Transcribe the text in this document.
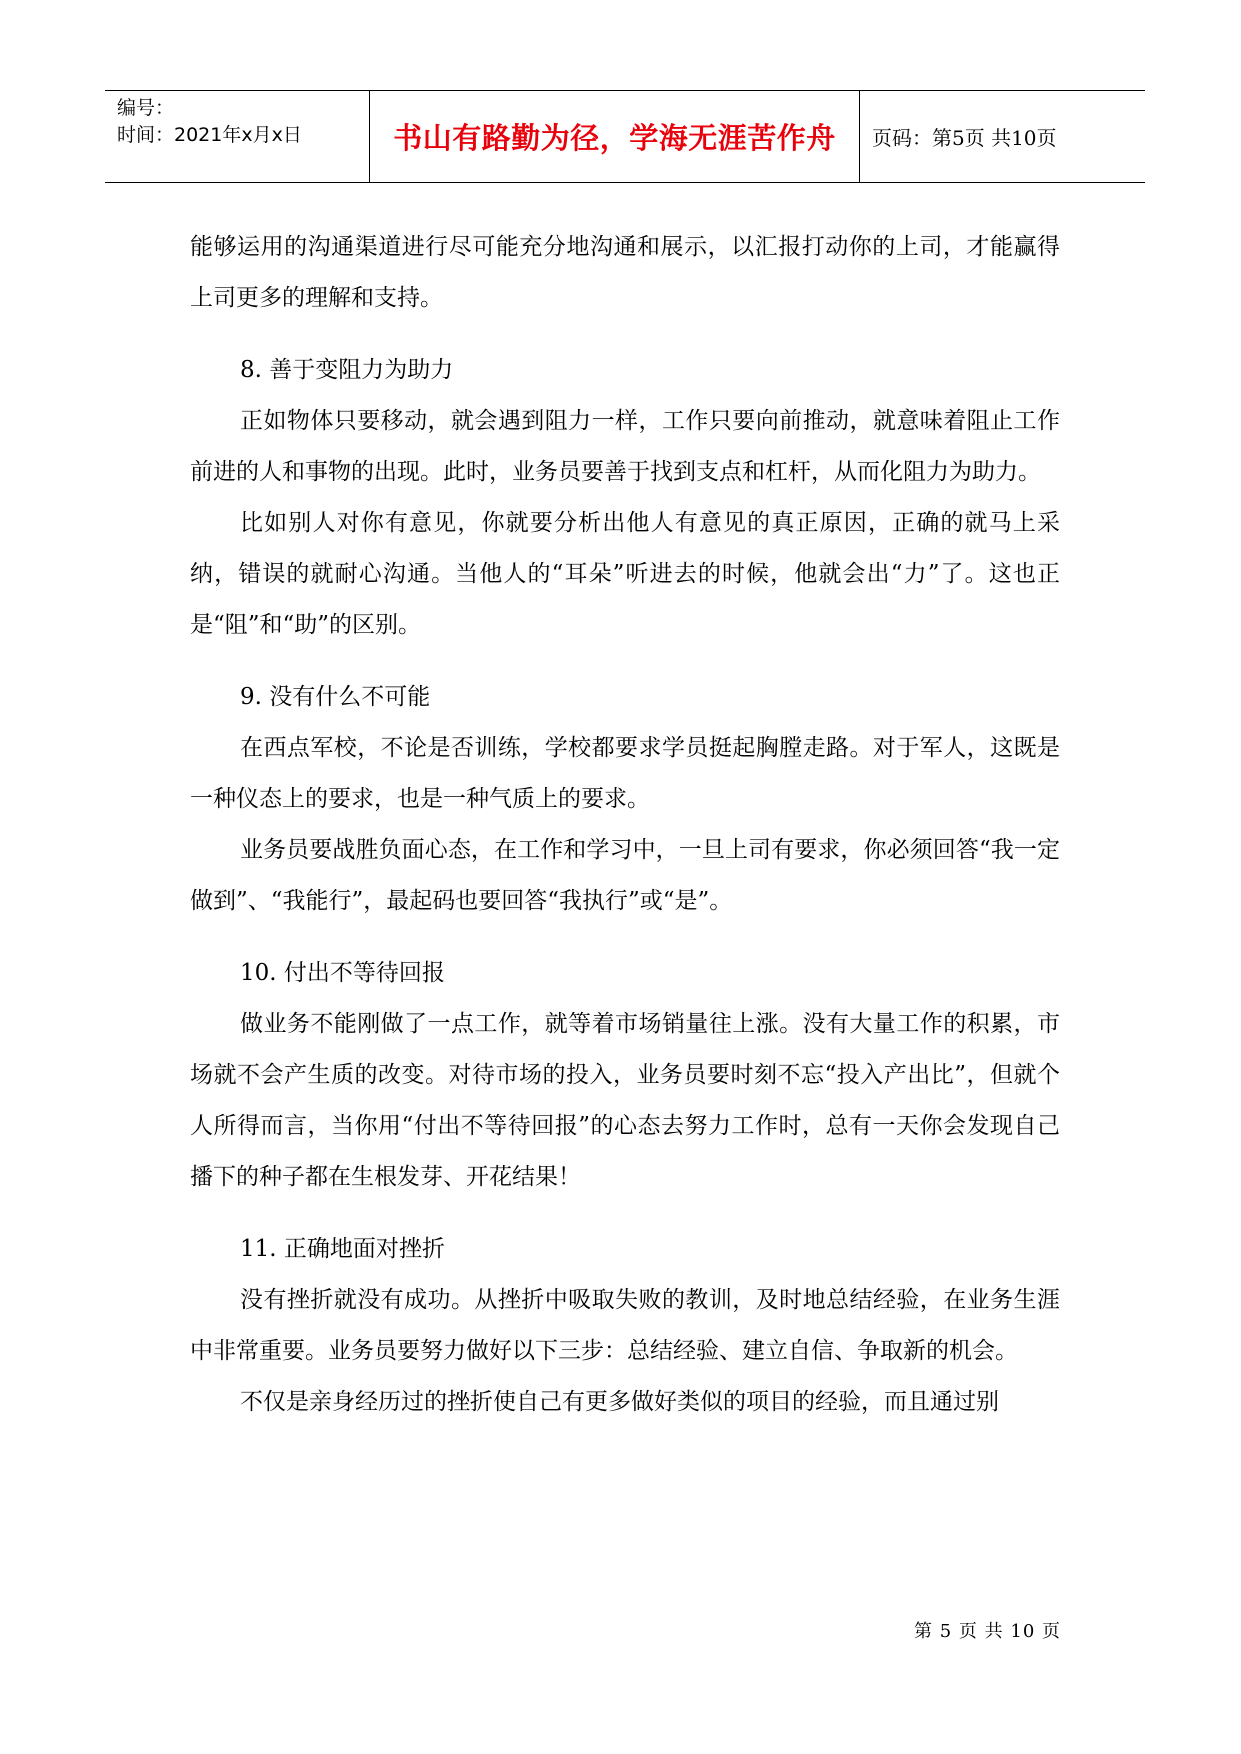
编号：
时间：2021年x月x日	书山有路勤为径，学海无涯苦作舟	页码：第5页 共10页

能够运用的沟通渠道进行尽可能充分地沟通和展示，以汇报打动你的上司，才能赢得上司更多的理解和支持。

8. 善于变阻力为助力

正如物体只要移动，就会遇到阻力一样，工作只要向前推动，就意味着阻止工作前进的人和事物的出现。此时，业务员要善于找到支点和杠杆，从而化阻力为助力。

比如别人对你有意见，你就要分析出他人有意见的真正原因，正确的就马上采纳，错误的就耐心沟通。当他人的“耳朵”听进去的时候，他就会出“力”了。这也正是“阻”和“助”的区别。

9. 没有什么不可能

在西点军校，不论是否训练，学校都要求学员挺起胸膛走路。对于军人，这既是一种仪态上的要求，也是一种气质上的要求。

业务员要战胜负面心态，在工作和学习中，一旦上司有要求，你必须回答“我一定做到”、“我能行”，最起码也要回答“我执行”或“是”。

10. 付出不等待回报

做业务不能刚做了一点工作，就等着市场销量往上涨。没有大量工作的积累，市场就不会产生质的改变。对待市场的投入，业务员要时刻不忘“投入产出比”，但就个人所得而言，当你用“付出不等待回报”的心态去努力工作时，总有一天你会发现自己播下的种子都在生根发芽、开花结果！

11. 正确地面对挫折

没有挫折就没有成功。从挫折中吸取失败的教训，及时地总结经验，在业务生涯中非常重要。业务员要努力做好以下三步：总结经验、建立自信、争取新的机会。

不仅是亲身经历过的挫折使自己有更多做好类似的项目的经验，而且通过别

第 5 页 共 10 页
